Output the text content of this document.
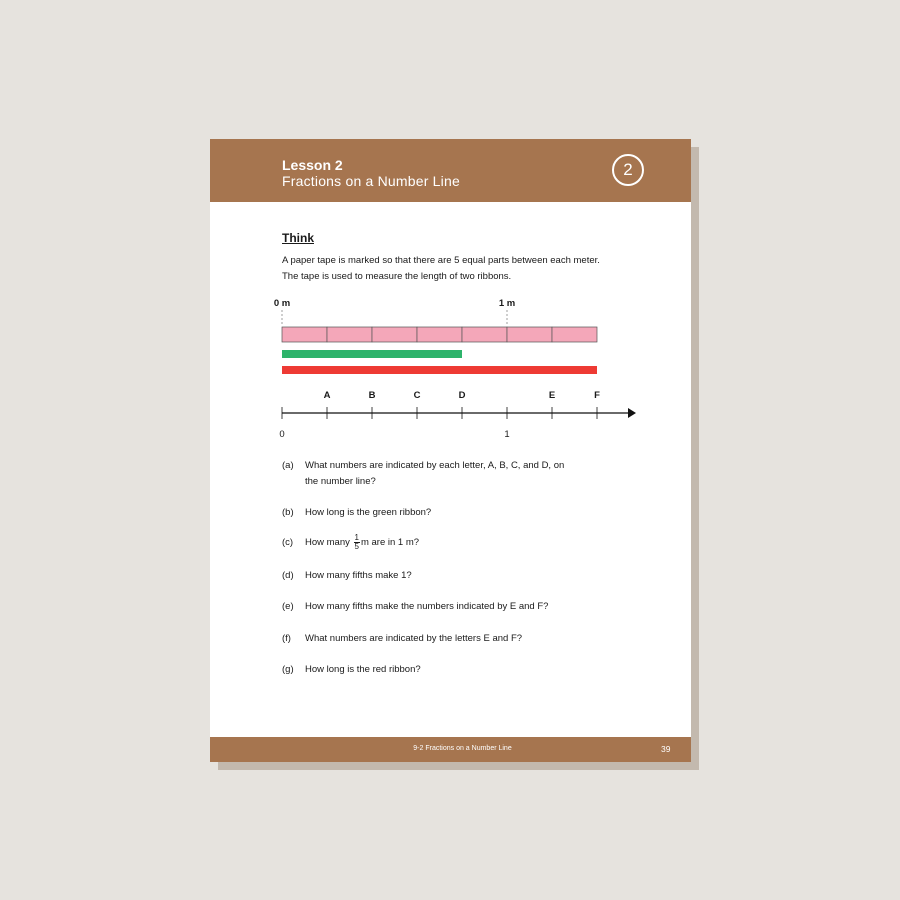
Lesson 2
Fractions on a Number Line
2
Think
A paper tape is marked so that there are 5 equal parts between each meter.
The tape is used to measure the length of two ribbons.
0 m	1 m
A	B	C	D	E	F
0	1
(a) What numbers are indicated by each letter, A, B, C, and D, on
the number line?
(b) How long is the green ribbon?
(c) How many $\frac{1}{5}$ m are in 1 m?
(d) How many fifths make 1?
(e) How many fifths make the numbers indicated by E and F?
(f) What numbers are indicated by the letters E and F?
(g) How long is the red ribbon?
9-2 Fractions on a Number Line	39
